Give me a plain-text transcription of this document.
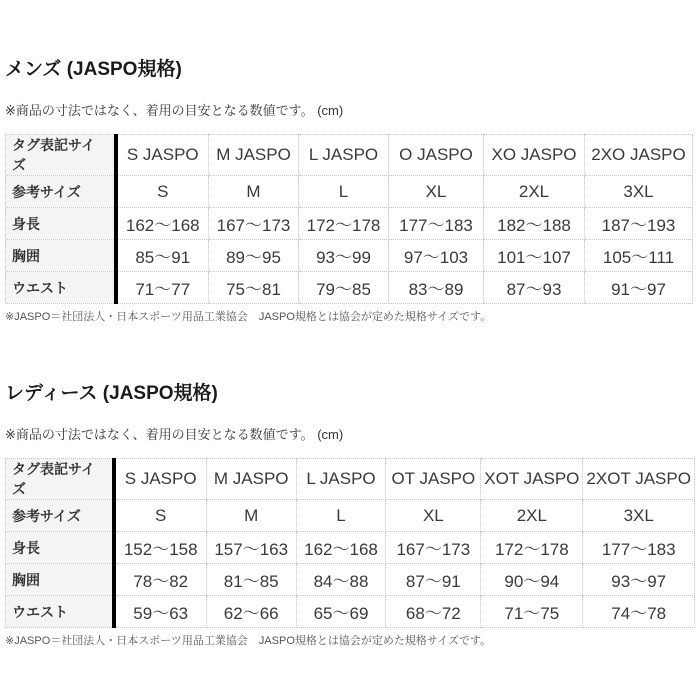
メンズ (JASPO規格)

※商品の寸法ではなく、着用の目安となる数値です。 (cm)

タグ表記サイズ	S JASPO	M JASPO	L JASPO	O JASPO	XO JASPO	2XO JASPO
参考サイズ	S	M	L	XL	2XL	3XL
身長	162～168	167～173	172～178	177～183	182～188	187～193
胸囲	85～91	89～95	93～99	97～103	101～107	105～111
ウエスト	71～77	75～81	79～85	83～89	87～93	91～97

※JASPO＝社団法人・日本スポーツ用品工業協会　JASPO規格とは協会が定めた規格サイズです。

レディース (JASPO規格)

※商品の寸法ではなく、着用の目安となる数値です。 (cm)

タグ表記サイズ	S JASPO	M JASPO	L JASPO	OT JASPO	XOT JASPO	2XOT JASPO
参考サイズ	S	M	L	XL	2XL	3XL
身長	152～158	157～163	162～168	167～173	172～178	177～183
胸囲	78～82	81～85	84～88	87～91	90～94	93～97
ウエスト	59～63	62～66	65～69	68～72	71～75	74～78

※JASPO＝社団法人・日本スポーツ用品工業協会　JASPO規格とは協会が定めた規格サイズです。
